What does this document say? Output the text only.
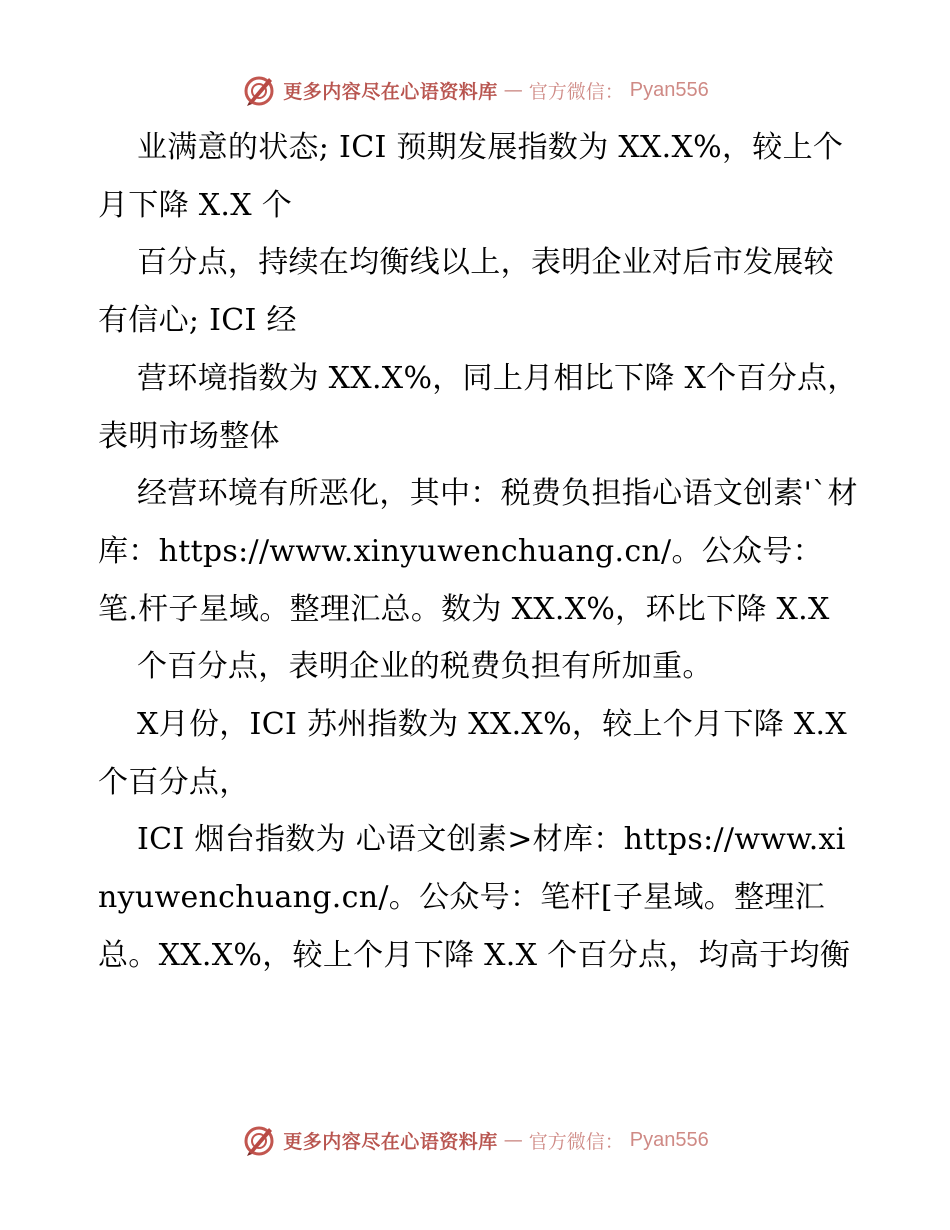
更多内容尽在心语资料库 — 官方微信： Pyan556

业满意的状态; ICI 预期发展指数为 XX.X%，较上个月下降 X.X 个

百分点，持续在均衡线以上，表明企业对后市发展较有信心; ICI 经

营环境指数为 XX.X%，同上月相比下降 X个百分点，表明市场整体

经营环境有所恶化，其中：税费负担指心语文创素'`材库：https://www.xinyuwenchuang.cn/。公众号：笔.杆子星域。整理汇总。数为 XX.X%，环比下降 X.X

个百分点，表明企业的税费负担有所加重。

X月份，ICI 苏州指数为 XX.X%，较上个月下降 X.X 个百分点，

ICI 烟台指数为 心语文创素>材库：https://www.xinyuwenchuang.cn/。公众号：笔杆[子星域。整理汇总。XX.X%，较上个月下降 X.X 个百分点，均高于均衡

更多内容尽在心语资料库 — 官方微信： Pyan556
